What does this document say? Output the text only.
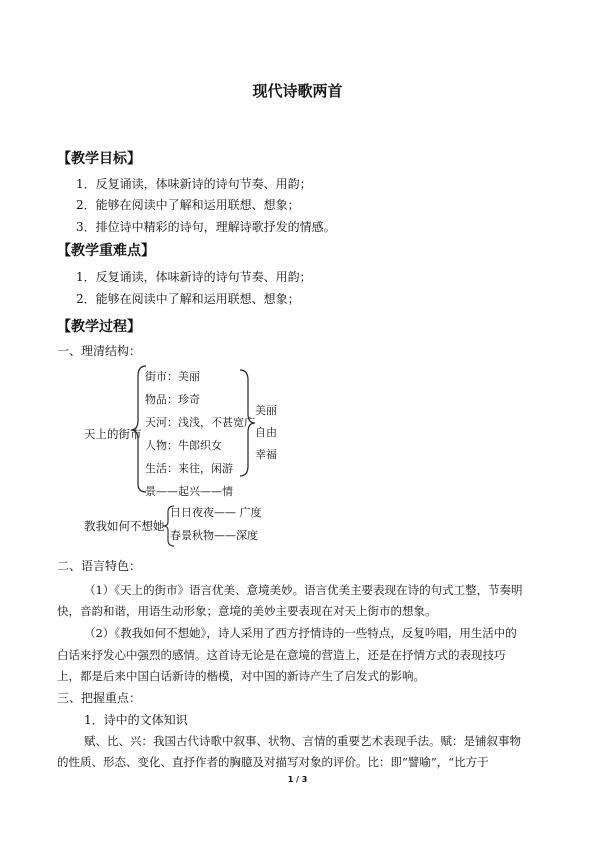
现代诗歌两首
【教学目标】
1．反复诵读，体味新诗的诗句节奏、用韵；
2．能够在阅读中了解和运用联想、想象；
3．排位诗中精彩的诗句，理解诗歌抒发的情感。
【教学重难点】
1．反复诵读，体味新诗的诗句节奏、用韵；
2．能够在阅读中了解和运用联想、想象；
【教学过程】
一、理清结构：
天上的街市
街市：美丽
物品：珍奇
天河：浅浅，不甚宽广
人物：牛郎织女
生活：来往，闲游
景——起兴——情
美丽
自由
幸福
教我如何不想她
日日夜夜—— 广度
春景秋物——深度
二、语言特色：
（1）《天上的街市》语言优美、意境美妙。语言优美主要表现在诗的句式工整，节奏明
快，音韵和谐，用语生动形象；意境的美妙主要表现在对天上街市的想象。
（2）《教我如何不想她》，诗人采用了西方抒情诗的一些特点，反复吟唱，用生活中的
白话来抒发心中强烈的感情。这首诗无论是在意境的营造上，还是在抒情方式的表现技巧
上，都是后来中国白话新诗的楷模，对中国的新诗产生了启发式的影响。
三、把握重点：
1．诗中的文体知识
赋、比、兴：我国古代诗歌中叙事、状物、言情的重要艺术表现手法。赋：是铺叙事物
的性质、形态、变化、直抒作者的胸臆及对描写对象的评价。比：即“譬喻”，“比方于
1 / 3
